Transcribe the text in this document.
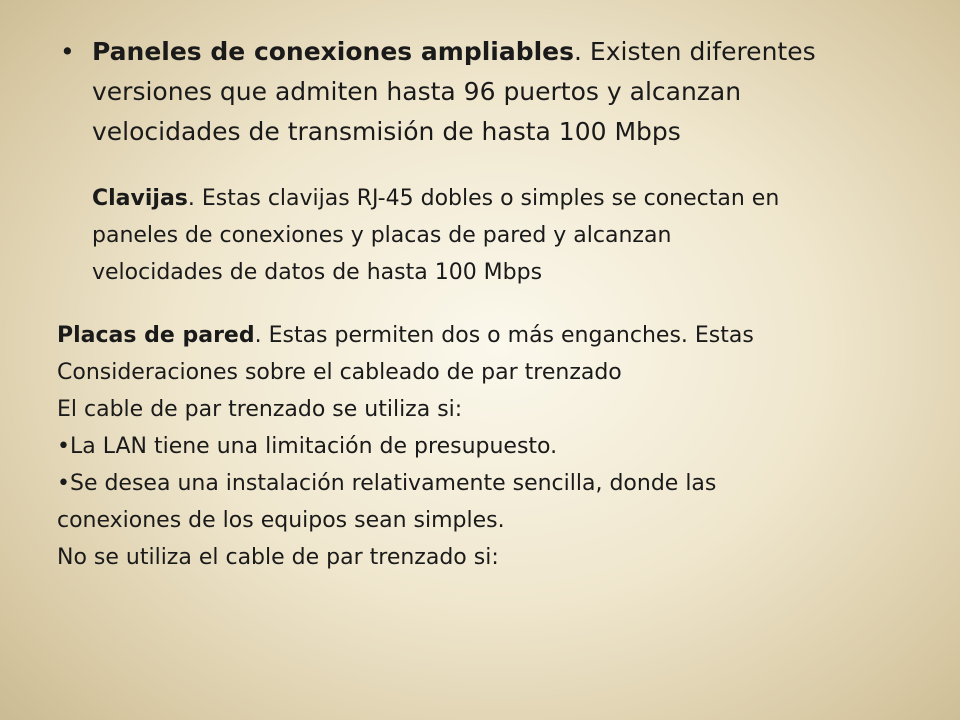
• Paneles de conexiones ampliables. Existen diferentes
versiones que admiten hasta 96 puertos y alcanzan
velocidades de transmisión de hasta 100 Mbps
Clavijas. Estas clavijas RJ-45 dobles o simples se conectan en
paneles de conexiones y placas de pared y alcanzan
velocidades de datos de hasta 100 Mbps
Placas de pared. Estas permiten dos o más enganches. Estas
Consideraciones sobre el cableado de par trenzado
El cable de par trenzado se utiliza si:
•La LAN tiene una limitación de presupuesto.
•Se desea una instalación relativamente sencilla, donde las
conexiones de los equipos sean simples.
No se utiliza el cable de par trenzado si:
